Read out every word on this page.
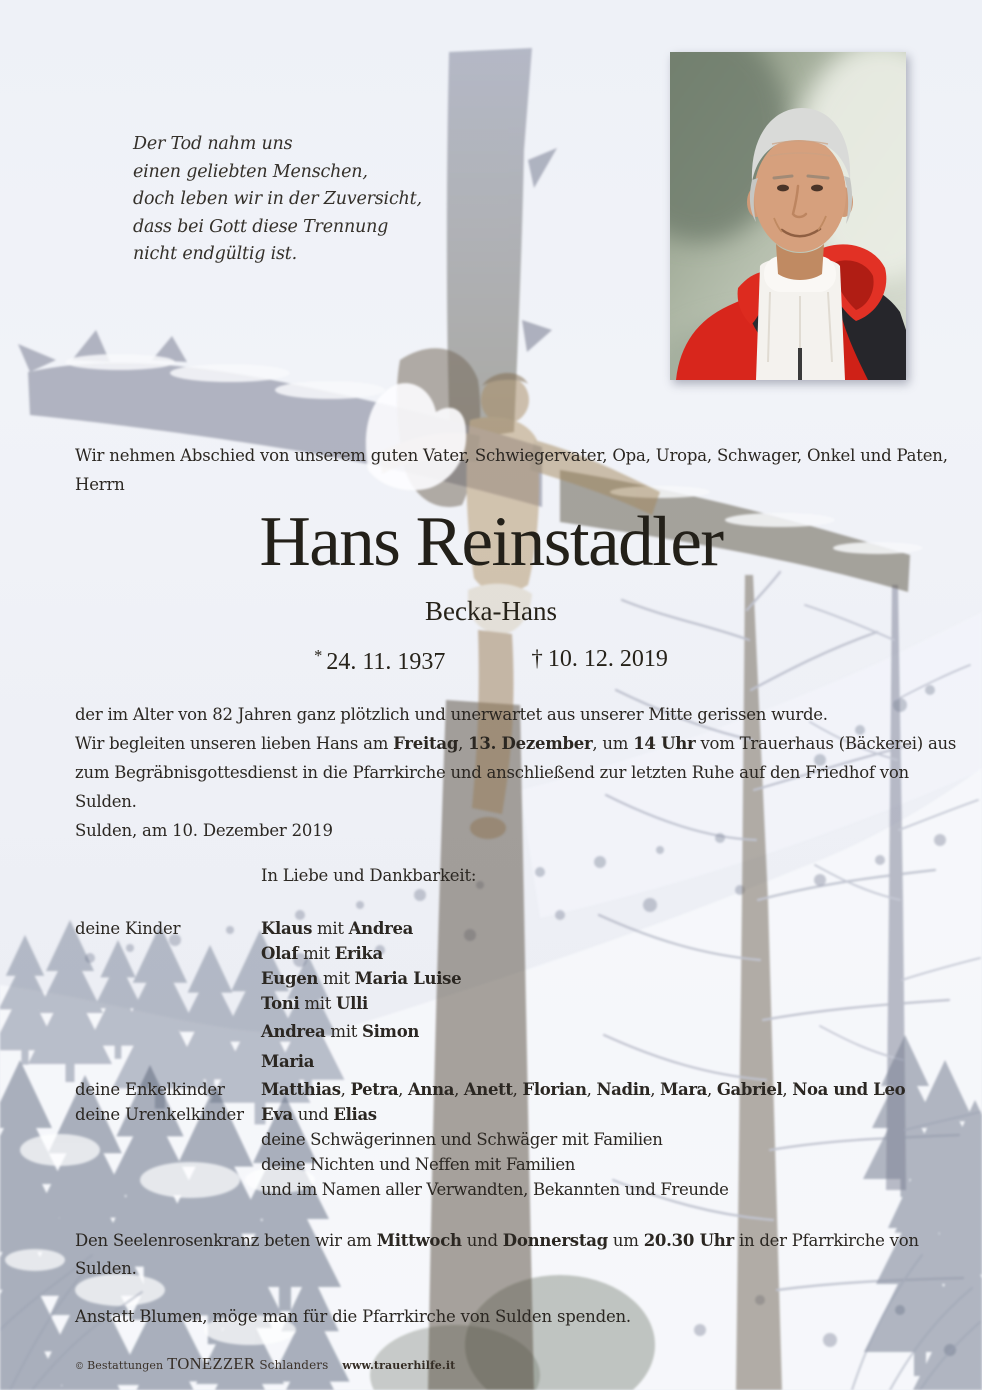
Der Tod nahm uns
einen geliebten Menschen,
doch leben wir in der Zuversicht,
dass bei Gott diese Trennung
nicht endgültig ist.
Wir nehmen Abschied von unserem guten Vater, Schwiegervater, Opa, Uropa, Schwager, Onkel und Paten,
Herrn
Hans Reinstadler
Becka-Hans
* 24. 11. 1937	† 10. 12. 2019
der im Alter von 82 Jahren ganz plötzlich und unerwartet aus unserer Mitte gerissen wurde.
Wir begleiten unseren lieben Hans am Freitag, 13. Dezember, um 14 Uhr vom Trauerhaus (Bäckerei) aus
zum Begräbnisgottesdienst in die Pfarrkirche und anschließend zur letzten Ruhe auf den Friedhof von
Sulden.
Sulden, am 10. Dezember 2019
In Liebe und Dankbarkeit:
deine Kinder	Klaus mit Andrea
Olaf mit Erika
Eugen mit Maria Luise
Toni mit Ulli
Andrea mit Simon
Maria
deine Enkelkinder
deine Urenkelkinder
Matthias, Petra, Anna, Anett, Florian, Nadin, Mara, Gabriel, Noa und Leo
Eva und Elias
deine Schwägerinnen und Schwäger mit Familien
deine Nichten und Neffen mit Familien
und im Namen aller Verwandten, Bekannten und Freunde
Den Seelenrosenkranz beten wir am Mittwoch und Donnerstag um 20.30 Uhr in der Pfarrkirche von
Sulden.
Anstatt Blumen, möge man für die Pfarrkirche von Sulden spenden.
© Bestattungen TONEZZER Schlanders www.trauerhilfe.it
